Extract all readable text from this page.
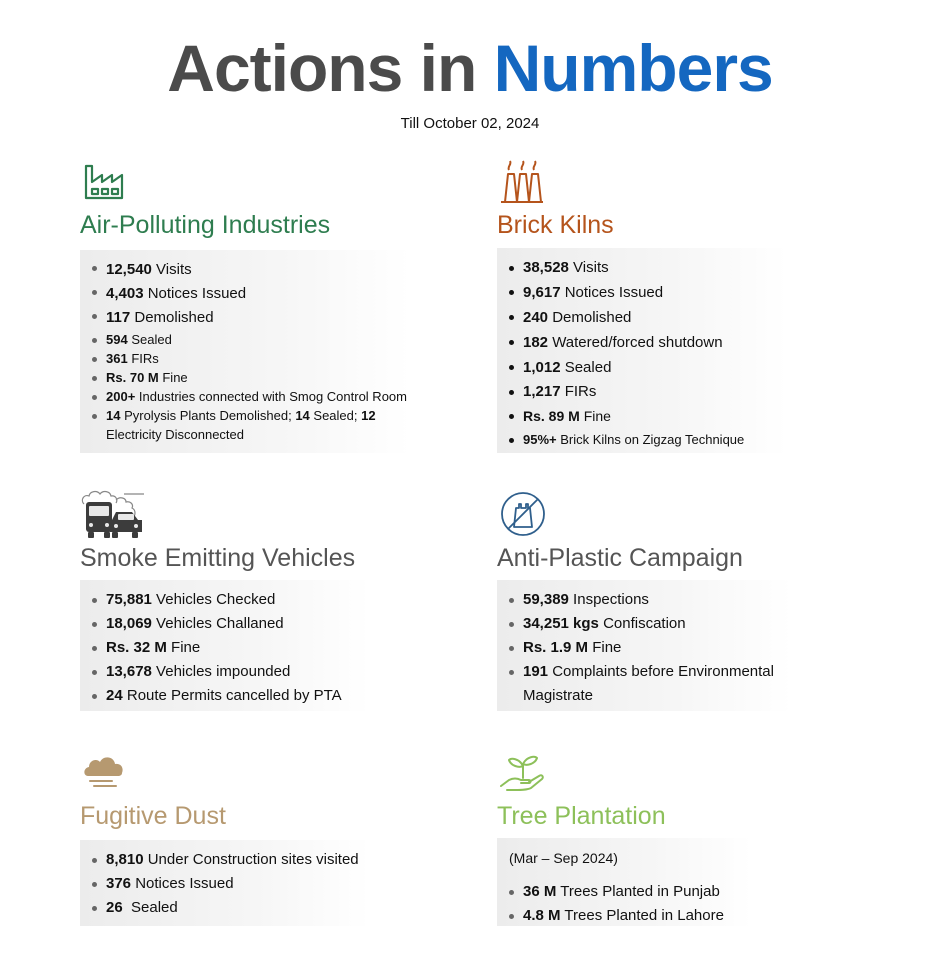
Actions in Numbers
Till October 02, 2024
Air-Polluting Industries
12,540 Visits
4,403 Notices Issued
117 Demolished
594 Sealed
361 FIRs
Rs. 70 M Fine
200+ Industries connected with Smog Control Room
14 Pyrolysis Plants Demolished; 14 Sealed; 12 Electricity Disconnected
Brick Kilns
38,528 Visits
9,617 Notices Issued
240 Demolished
182 Watered/forced shutdown
1,012 Sealed
1,217 FIRs
Rs. 89 M Fine
95%+ Brick Kilns on Zigzag Technique
Smoke Emitting Vehicles
75,881 Vehicles Checked
18,069 Vehicles Challaned
Rs. 32 M Fine
13,678 Vehicles impounded
24 Route Permits cancelled by PTA
Anti-Plastic Campaign
59,389 Inspections
34,251 kgs Confiscation
Rs. 1.9 M Fine
191 Complaints before Environmental Magistrate
Fugitive Dust
8,810 Under Construction sites visited
376 Notices Issued
26  Sealed
Tree Plantation
(Mar – Sep 2024)
36 M Trees Planted in Punjab
4.8 M Trees Planted in Lahore
